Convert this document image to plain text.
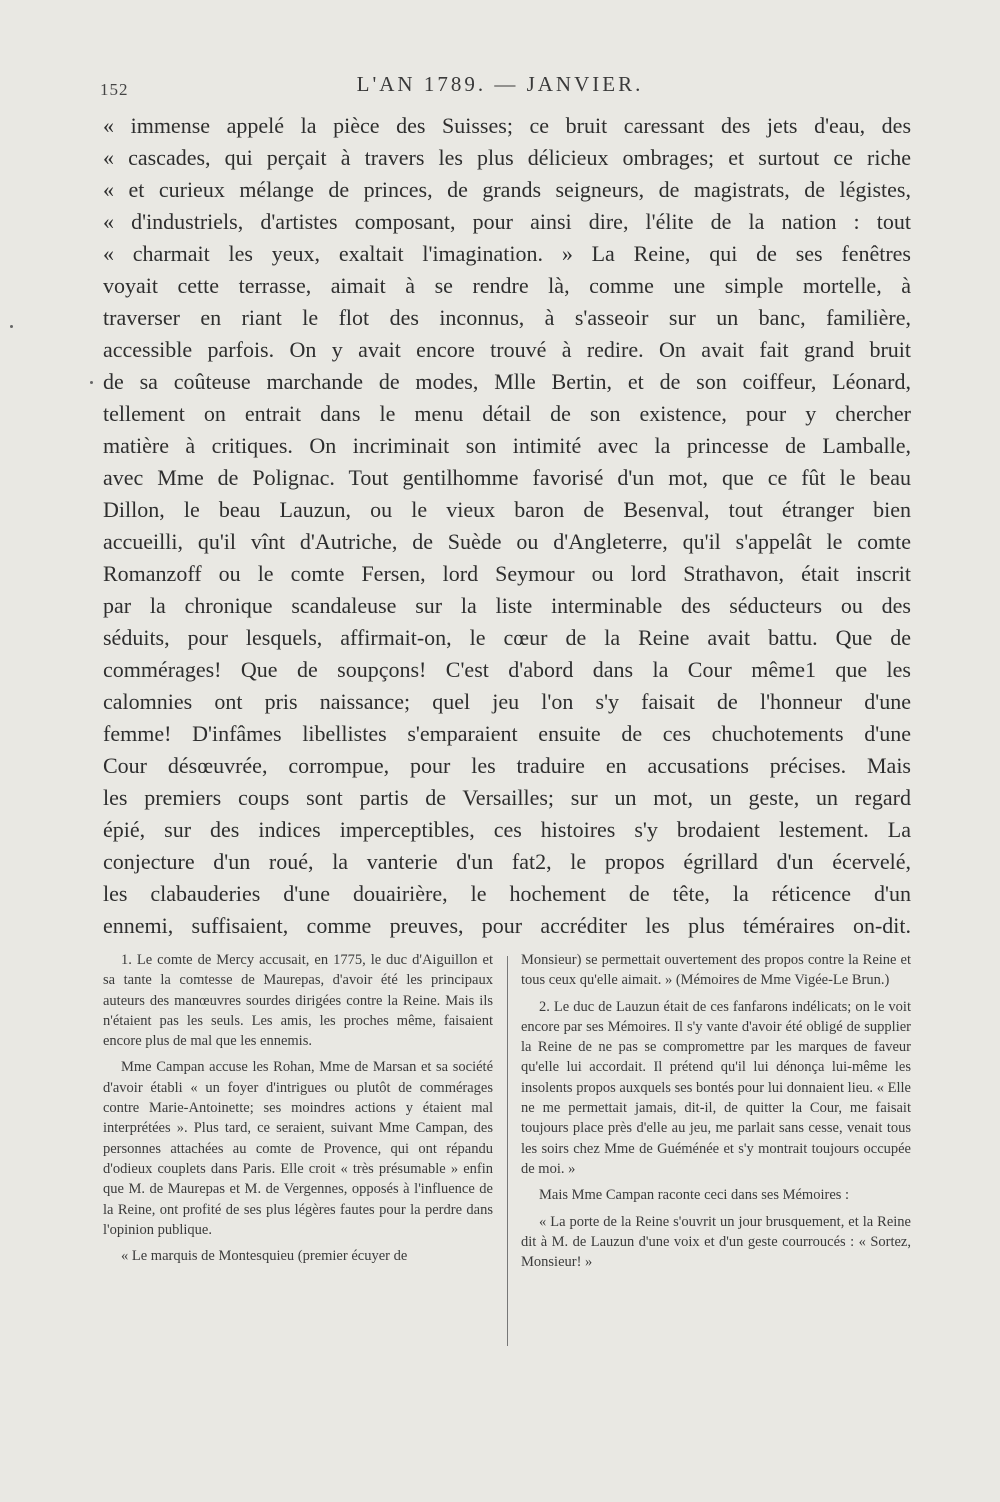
152	L'AN 1789. — JANVIER.
« immense appelé la pièce des Suisses; ce bruit caressant des jets d'eau, des
« cascades, qui perçait à travers les plus délicieux ombrages; et surtout ce riche
« et curieux mélange de princes, de grands seigneurs, de magistrats, de légistes,
« d'industriels, d'artistes composant, pour ainsi dire, l'élite de la nation : tout
« charmait les yeux, exaltait l'imagination. » La Reine, qui de ses fenêtres
voyait cette terrasse, aimait à se rendre là, comme une simple mortelle, à
traverser en riant le flot des inconnus, à s'asseoir sur un banc, familière,
accessible parfois. On y avait encore trouvé à redire. On avait fait grand bruit
de sa coûteuse marchande de modes, Mlle Bertin, et de son coiffeur, Léonard,
tellement on entrait dans le menu détail de son existence, pour y chercher
matière à critiques. On incriminait son intimité avec la princesse de Lamballe,
avec Mme de Polignac. Tout gentilhomme favorisé d'un mot, que ce fût le beau
Dillon, le beau Lauzun, ou le vieux baron de Besenval, tout étranger bien
accueilli, qu'il vînt d'Autriche, de Suède ou d'Angleterre, qu'il s'appelât le comte
Romanzoff ou le comte Fersen, lord Seymour ou lord Strathavon, était inscrit
par la chronique scandaleuse sur la liste interminable des séducteurs ou des
séduits, pour lesquels, affirmait-on, le cœur de la Reine avait battu. Que de
commérages! Que de soupçons! C'est d'abord dans la Cour même1 que les
calomnies ont pris naissance; quel jeu l'on s'y faisait de l'honneur d'une
femme! D'infâmes libellistes s'emparaient ensuite de ces chuchotements d'une
Cour désœuvrée, corrompue, pour les traduire en accusations précises. Mais
les premiers coups sont partis de Versailles; sur un mot, un geste, un regard
épié, sur des indices imperceptibles, ces histoires s'y brodaient lestement. La
conjecture d'un roué, la vanterie d'un fat2, le propos égrillard d'un écervelé,
les clabauderies d'une douairière, le hochement de tête, la réticence d'un
ennemi, suffisaient, comme preuves, pour accréditer les plus téméraires on-dit.

1. Le comte de Mercy accusait, en 1775, le duc d'Aiguillon et sa tante la comtesse de Maurepas, d'avoir été les principaux auteurs des manœuvres sourdes dirigées contre la Reine. Mais ils n'étaient pas les seuls. Les amis, les proches même, faisaient encore plus de mal que les ennemis.

Mme Campan accuse les Rohan, Mme de Marsan et sa société d'avoir établi « un foyer d'intrigues ou plutôt de commérages contre Marie-Antoinette; ses moindres actions y étaient mal interprétées ». Plus tard, ce seraient, suivant Mme Campan, des personnes attachées au comte de Provence, qui ont répandu d'odieux couplets dans Paris. Elle croit « très présumable » enfin que M. de Maurepas et M. de Vergennes, opposés à l'influence de la Reine, ont profité de ses plus légères fautes pour la perdre dans l'opinion publique.

« Le marquis de Montesquieu (premier écuyer de

Monsieur) se permettait ouvertement des propos contre la Reine et tous ceux qu'elle aimait. » (Mémoires de Mme Vigée-Le Brun.)

2. Le duc de Lauzun était de ces fanfarons indélicats; on le voit encore par ses Mémoires. Il s'y vante d'avoir été obligé de supplier la Reine de ne pas se compromettre par les marques de faveur qu'elle lui accordait. Il prétend qu'il lui dénonça lui-même les insolents propos auxquels ses bontés pour lui donnaient lieu. « Elle ne me permettait jamais, dit-il, de quitter la Cour, me faisait toujours place près d'elle au jeu, me parlait sans cesse, venait tous les soirs chez Mme de Guéménée et s'y montrait toujours occupée de moi. »

Mais Mme Campan raconte ceci dans ses Mémoires :

« La porte de la Reine s'ouvrit un jour brusquement, et la Reine dit à M. de Lauzun d'une voix et d'un geste courroucés : « Sortez, Monsieur! »
